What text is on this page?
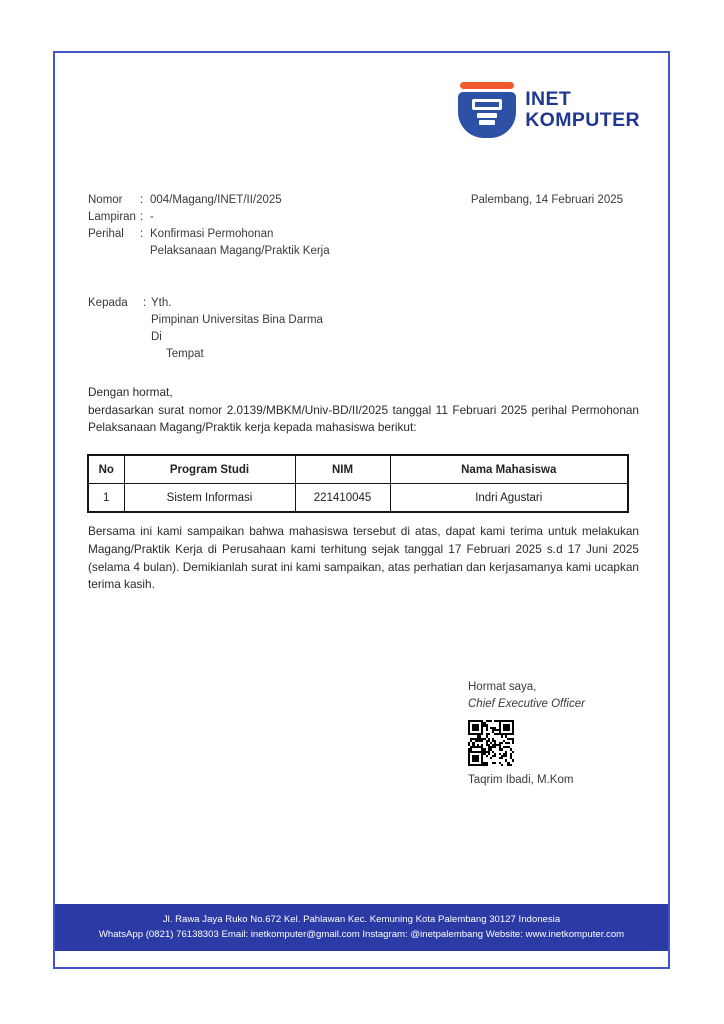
INET
KOMPUTER
Nomor	: 004/Magang/INET/II/2025
Lampiran : -
Perihal	: Konfirmasi Permohonan
Pelaksanaan Magang/Praktik Kerja
Palembang, 14 Februari 2025
Kepada	: Yth.
Pimpinan Universitas Bina Darma
Di
Tempat

Dengan hormat,

berdasarkan surat nomor 2.0139/MBKM/Univ-BD/II/2025 tanggal 11 Februari 2025 perihal Permohonan Pelaksanaan Magang/Praktik kerja kepada mahasiswa berikut:

No	Program Studi	NIM	Nama Mahasiswa
1	Sistem Informasi	221410045	Indri Agustari

Bersama ini kami sampaikan bahwa mahasiswa tersebut di atas, dapat kami terima untuk melakukan Magang/Praktik Kerja di Perusahaan kami terhitung sejak tanggal 17 Februari 2025 s.d 17 Juni 2025 (selama 4 bulan). Demikianlah surat ini kami sampaikan, atas perhatian dan kerjasamanya kami ucapkan terima kasih.

Hormat saya,
Chief Executive Officer
Taqrim Ibadi, M.Kom
Jl. Rawa Jaya Ruko No.672 Kel. Pahlawan Kec. Kemuning Kota Palembang 30127 Indonesia
WhatsApp (0821) 76138303 Email: inetkomputer@gmail.com Instagram: @inetpalembang Website: www.inetkomputer.com
